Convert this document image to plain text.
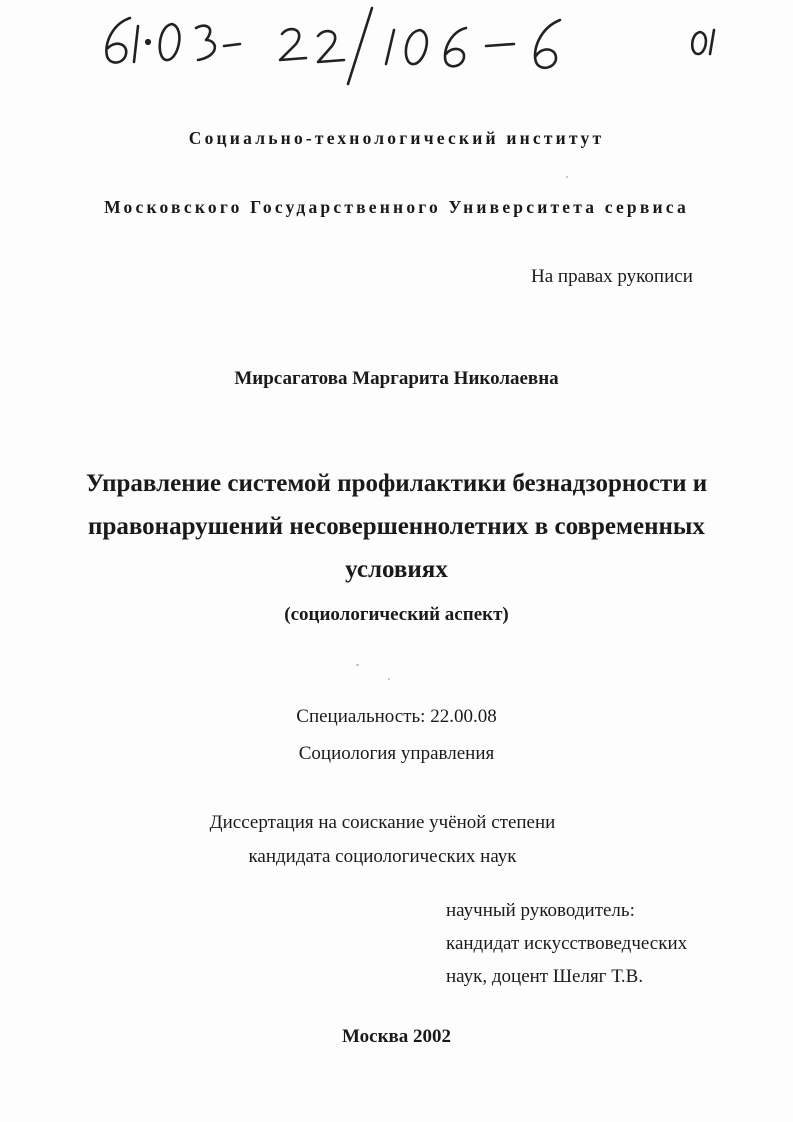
Социально-технологический институт
Московского Государственного Университета сервиса
На правах рукописи
Мирсагатова Маргарита Николаевна
Управление системой профилактики безнадзорности и
правонарушений несовершеннолетних в современных
условиях
(социологический аспект)
Специальность: 22.00.08
Социология управления
Диссертация на соискание учёной степени
кандидата социологических наук
научный руководитель:
кандидат искусствоведческих
наук, доцент Шеляг Т.В.
Москва 2002
